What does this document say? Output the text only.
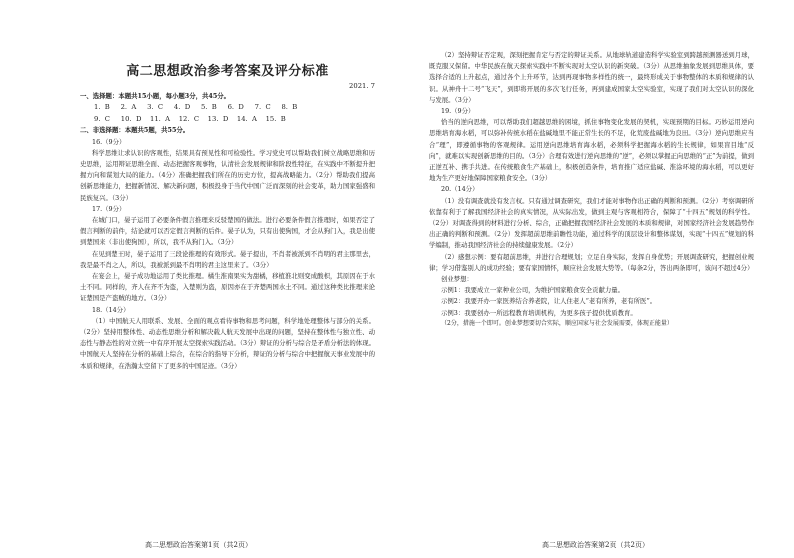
高二思想政治参考答案及评分标准
2021. 7

一、选择题：本题共15小题，每小题3分，共45分。

1.  B     2.  A     3.  C     4.  D     5.  B     6.  D     7.  C     8.  B
9.  C     10.  D    11.  A    12.  C    13.  D    14.  A    15.  B

二、非选择题：本题共5题，共55分。

16.（9分）

科学思维让求认识的客观性，结果具有预见性和可检验性。学习党史可以帮助我们树立战略思维和历史思维，运用辩证思维全面、动态把握客观事物，认清社会发展规律和阶段性特征，在实践中不断提升把握方向和谋划大局的能力。（4分）准确把握我们所在的历史方位，提高战略能力。（2分）帮助我们提高创新思维能力，把握新情况、解决新问题，积极投身于当代中国广泛而深刻的社会变革，助力国家强盛和民族复兴。（3分）

17.（9分）

在城门口，晏子运用了必要条件假言推理来反驳楚国的做法。进行必要条件假言推理时，如果否定了假言判断的前件，结论就可以否定假言判断的后件。晏子认为，只有出使狗国，才会从狗门入，我是出使到楚国来（非出使狗国），所以，我不从狗门入。（3分）

在见到楚王时，晏子运用了三段论推理的有效形式。晏子提出，不肖者被派到不肖明的君主那里去，我是最不肖之人，所以，我被派到最不肖明的君主这里来了。（3分）

在宴会上，晏子成功地运用了类比推理。橘生淮南果实为甜橘，移植淮北则变成酸枳，其原因在于水土不同。同样的，齐人在齐不为盗，入楚则为盗，原因亦在于齐楚两国水土不同。通过这种类比推理来论证楚国是产盗贼的地方。（3分）

18.（14分）

（1）中国航天人用联系、发展、全面的观点看待事物和思考问题，科学地处理整体与部分的关系。（2分）坚持用整体性、动态性思维分析和解决载人航天发展中出现的问题，坚持在整体性与独立性、动态性与静态性的对立统一中有序开展太空探索实践活动。（3分）辩证的分析与综合是矛盾分析法的体现。中国航天人坚持在分析的基础上综合，在综合的指导下分析，辩证的分析与综合中把握航天事业发展中的本质和规律，在浩瀚太空留下了更多的中国足迹。（3分）

高二思想政治答案第1页（共2页）

（2）坚持辩证否定观，深刻把握肯定与否定的辩证关系。从地球轨道建造科学实验室到跨越预测器送到月球，既克服又保留。中华民族在航天探索实践中不断实现对太空认识的新突破。（3分）从思维抽象发展到思维具体，要选择合适的上升起点，通过各个上升环节，达到再现事物多样性的统一，最终形成关于事物整体的本质和规律的认识。从神舟十二号“飞天”，到即将开展的多次飞行任务，再到建成国家太空实验室，实现了我们对太空认识的深化与发展。（3分）

19.（9分）

恰当的逆向思维，可以帮助我们超越思维的困境，抓住事物变化发展的契机，实现预期的目标。巧妙运用逆向思维培育海水稻，可以弥补传统水稻在盐碱地里不能正常生长的不足，化荒废盐碱地为良田。（3分）逆向思维应当合“理”，即遵循事物的客观规律。运用逆向思维培育海水稻，必须科学把握海水稻的生长规律，如果盲目地“反向”，就难以实现创新思维的目的。（3分）合理有效进行逆向思维的“逆”，必须以掌握正向思维的“正”为前提，做到正逆互补、携手共进。在传统粮食生产基础上，积极创造条件，培育推广适应盐碱、淮涂环境的海水稻，可以更好地为生产更好地保障国家粮食安全。（3分）

20.（14分）

（1）没有调查就没有发言权。只有通过调查研究，我们才能对事物作出正确的判断和预测。（2分）考察调研所依靠有利于了解我国经济社会的真实情况，从实际出发，做到主观与客观相符合，保障了“十四五”规划的科学性。（2分）对调查得到的材料进行分析、综合，正确把握我国经济社会发展的本质和规律，对国家经济社会发展趋势作出正确的判断和预测。（2分）发挥超前思维前瞻性功能，通过科学的顶层设计和整体谋划，实现“十四五”规划的科学编制，推动我国经济社会的持续健康发展。（2分）

（2）感想示例：要有超前思维，并进行合理规划；立足自身实际，发挥自身优势；开展调查研究，把握创业规律；学习借鉴别人的成功经验；要有家国情怀，顺应社会发展大势等。（每条2分，答出两条即可，该问不超过4分）

创业梦想：

示例1：我要成立一家种业公司，为维护国家粮食安全贡献力量。

示例2：我要开办一家医养结合养老院，让人住老人“老有所养，老有所医”。

示例3：我要创办一所远程教育培训机构，为更多孩子提供优质教育。

（2分，措施一个即可。创业梦想要切合实际，顺应国家与社会发展需要，体现正能量）

高二思想政治答案第2页（共2页）
